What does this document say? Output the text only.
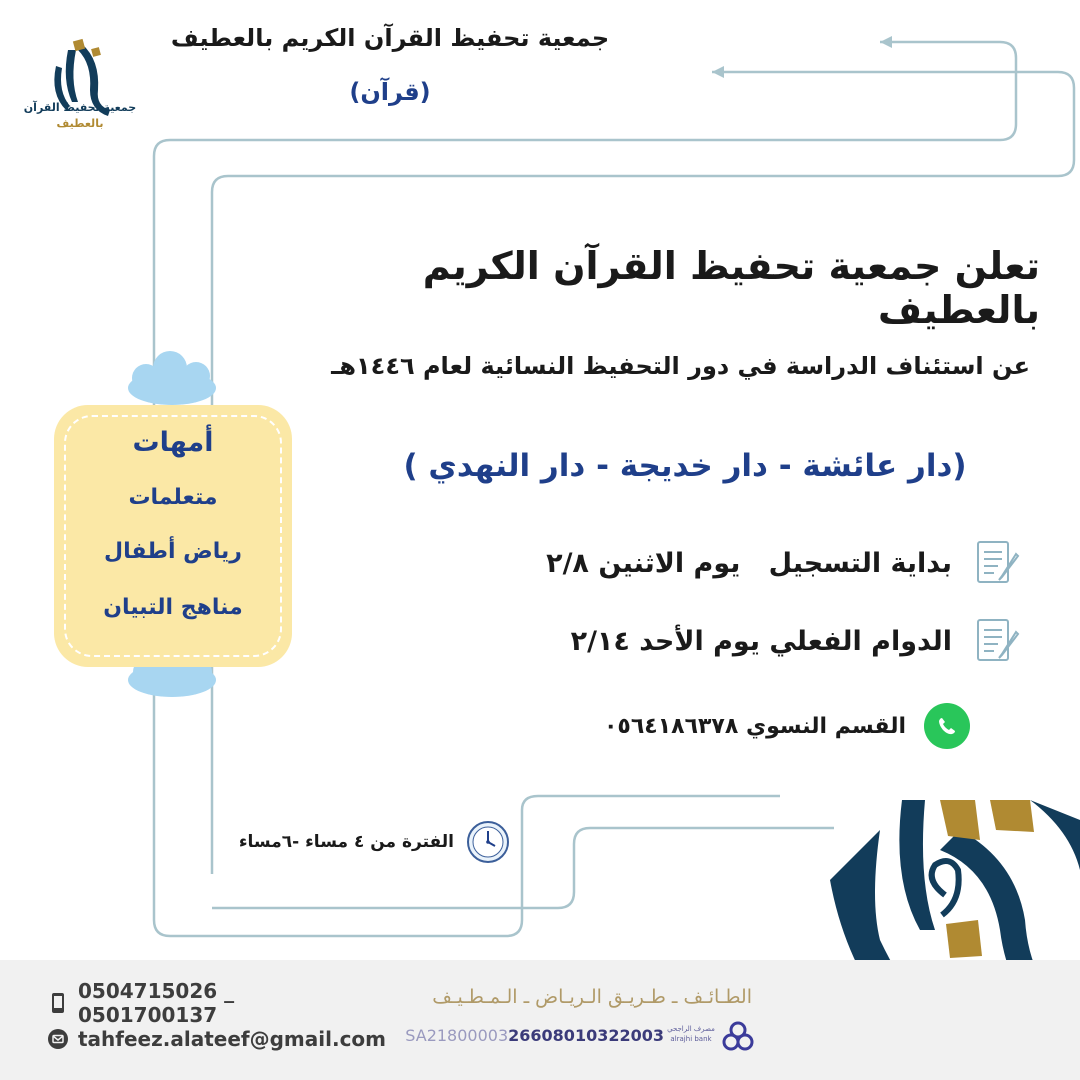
جمعية تحفيظ القرآن
بالعطيف
جمعية تحفيظ القرآن الكريم بالعطيف
(قرآن)
تعلن جمعية تحفيظ القرآن الكريم بالعطيف
عن استئناف الدراسة في دور التحفيظ النسائية لعام ١٤٤٦هـ
(دار عائشة - دار خديجة - دار النهدي )
بداية التسجيل   يوم الاثنين ٢/٨
الدوام الفعلي يوم الأحد ٢/١٤
القسم النسوي ٠٥٦٤١٨٦٣٧٨
الفترة من ٤ مساء -٦مساء
أمهات
متعلمات
رياض أطفال
مناهج التبيان
0504715026 _ 0501700137
tahfeez.alateef@gmail.com
الطـائـف ـ طـريـق الـريـاض ـ الـمـطـيـف
SA2180000326608010322003 مصرف الراجحي
alrajhi bank
